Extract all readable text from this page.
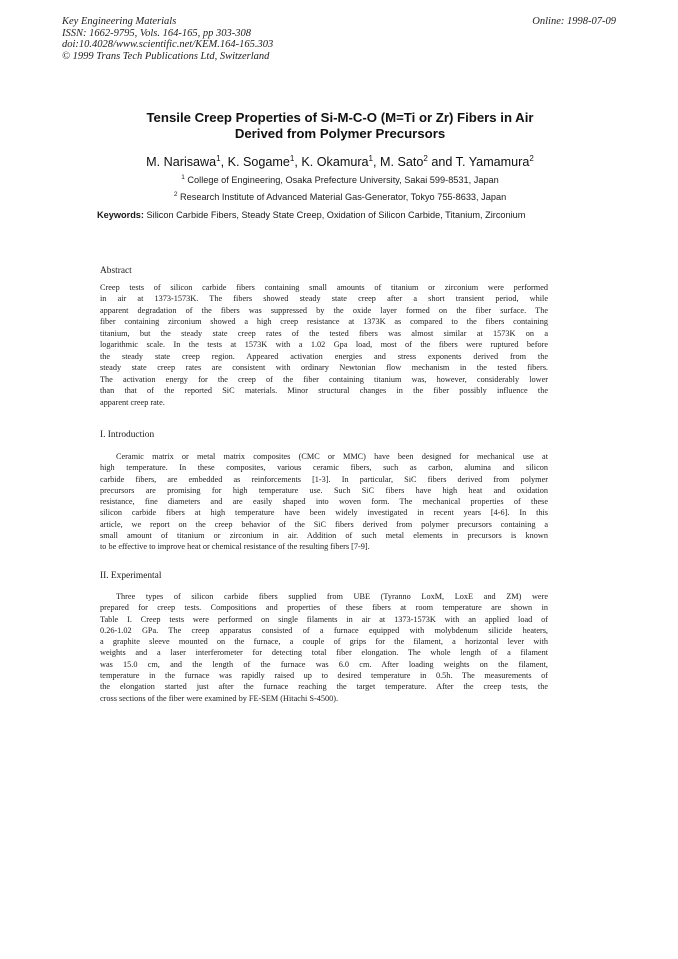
Key Engineering Materials
ISSN: 1662-9795, Vols. 164-165, pp 303-308
doi:10.4028/www.scientific.net/KEM.164-165.303
© 1999 Trans Tech Publications Ltd, Switzerland
Online: 1998-07-09
Tensile Creep Properties of Si-M-C-O (M=Ti or Zr) Fibers in Air
Derived from Polymer Precursors
M. Narisawa$^1$, K. Sogame$^1$, K. Okamura$^1$, M. Sato$^2$ and T. Yamamura$^2$
$^1$ College of Engineering, Osaka Prefecture University, Sakai 599-8531, Japan
$^2$ Research Institute of Advanced Material Gas-Generator, Tokyo 755-8633, Japan
Keywords: Silicon Carbide Fibers, Steady State Creep, Oxidation of Silicon Carbide, Titanium, Zirconium
Abstract
Creep tests of silicon carbide fibers containing small amounts of titanium or zirconium were performed
in air at 1373-1573K. The fibers showed steady state creep after a short transient period, while
apparent degradation of the fibers was suppressed by the oxide layer formed on the fiber surface. The
fiber containing zirconium showed a high creep resistance at 1373K as compared to the fibers containing
titanium, but the steady state creep rates of the tested fibers was almost similar at 1573K on a
logarithmic scale. In the tests at 1573K with a 1.02 Gpa load, most of the fibers were ruptured before
the steady state creep region. Appeared activation energies and stress exponents derived from the
steady state creep rates are consistent with ordinary Newtonian flow mechanism in the tested fibers.
The activation energy for the creep of the fiber containing titanium was, however, considerably lower
than that of the reported SiC materials. Minor structural changes in the fiber possibly influence the
apparent creep rate.
I. Introduction
Ceramic matrix or metal matrix composites (CMC or MMC) have been designed for mechanical use at
high temperature. In these composites, various ceramic fibers, such as carbon, alumina and silicon
carbide fibers, are embedded as reinforcements [1-3]. In particular, SiC fibers derived from polymer
precursors are promising for high temperature use. Such SiC fibers have high heat and oxidation
resistance, fine diameters and are easily shaped into woven form. The mechanical properties of these
silicon carbide fibers at high temperature have been widely investigated in recent years [4-6]. In this
article, we report on the creep behavior of the SiC fibers derived from polymer precursors containing a
small amount of titanium or zirconium in air. Addition of such metal elements in precursors is known
to be effective to improve heat or chemical resistance of the resulting fibers [7-9].
II. Experimental
Three types of silicon carbide fibers supplied from UBE (Tyranno LoxM, LoxE and ZM) were
prepared for creep tests. Compositions and properties of these fibers at room temperature are shown in
Table I. Creep tests were performed on single filaments in air at 1373-1573K with an applied load of
0.26-1.02 GPa. The creep apparatus consisted of a furnace equipped with molybdenum silicide heaters,
a graphite sleeve mounted on the furnace, a couple of grips for the filament, a horizontal lever with
weights and a laser interferometer for detecting total fiber elongation. The whole length of a filament
was 15.0 cm, and the length of the furnace was 6.0 cm. After loading weights on the filament,
temperature in the furnace was rapidly raised up to desired temperature in 0.5h. The measurements of
the elongation started just after the furnace reaching the target temperature. After the creep tests, the
cross sections of the fiber were examined by FE-SEM (Hitachi S-4500).
